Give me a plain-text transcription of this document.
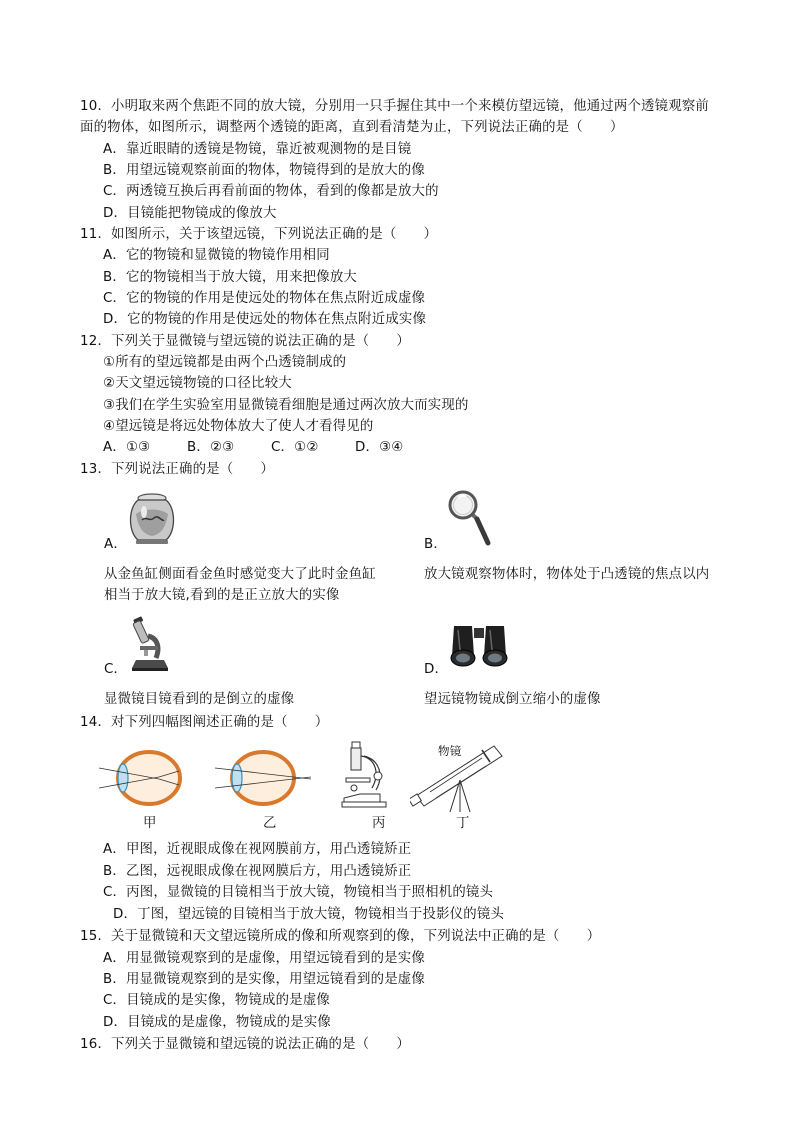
10．小明取来两个焦距不同的放大镜，分别用一只手握住其中一个来模仿望远镜，他通过两个透镜观察前
面的物体，如图所示，调整两个透镜的距离，直到看清楚为止，下列说法正确的是（　　）
A．靠近眼睛的透镜是物镜，靠近被观测物的是目镜
B．用望远镜观察前面的物体，物镜得到的是放大的像
C．两透镜互换后再看前面的物体，看到的像都是放大的
D．目镜能把物镜成的像放大
11．如图所示，关于该望远镜，下列说法正确的是（　　）
A．它的物镜和显微镜的物镜作用相同
B．它的物镜相当于放大镜，用来把像放大
C．它的物镜的作用是使远处的物体在焦点附近成虚像
D．它的物镜的作用是使远处的物体在焦点附近成实像
12．下列关于显微镜与望远镜的说法正确的是（　　）
①所有的望远镜都是由两个凸透镜制成的
②天文望远镜物镜的口径比较大
③我们在学生实验室用显微镜看细胞是通过两次放大而实现的
④望远镜是将远处物体放大了使人才看得见的
A．①③	B．②③	C．①②	D．③④
13．下列说法正确的是（　　）
A．	B．
从金鱼缸侧面看金鱼时感觉变大了此时金鱼缸
相当于放大镜,看到的是正立放大的实像
放大镜观察物体时，物体处于凸透镜的焦点以内
C．	D．
显微镜目镜看到的是倒立的虚像	望远镜物镜成倒立缩小的虚像
14．对下列四幅图阐述正确的是（　　）
甲	乙	丙
物镜
丁
A．甲图，近视眼成像在视网膜前方，用凸透镜矫正
B．乙图，远视眼成像在视网膜后方，用凸透镜矫正
C．丙图，显微镜的目镜相当于放大镜，物镜相当于照相机的镜头
D．丁图，望远镜的目镜相当于放大镜，物镜相当于投影仪的镜头
15．关于显微镜和天文望远镜所成的像和所观察到的像，下列说法中正确的是（　　）
A．用显微镜观察到的是虚像，用望远镜看到的是实像
B．用显微镜观察到的是实像，用望远镜看到的是虚像
C．目镜成的是实像，物镜成的是虚像
D．目镜成的是虚像，物镜成的是实像
16．下列关于显微镜和望远镜的说法正确的是（　　）
